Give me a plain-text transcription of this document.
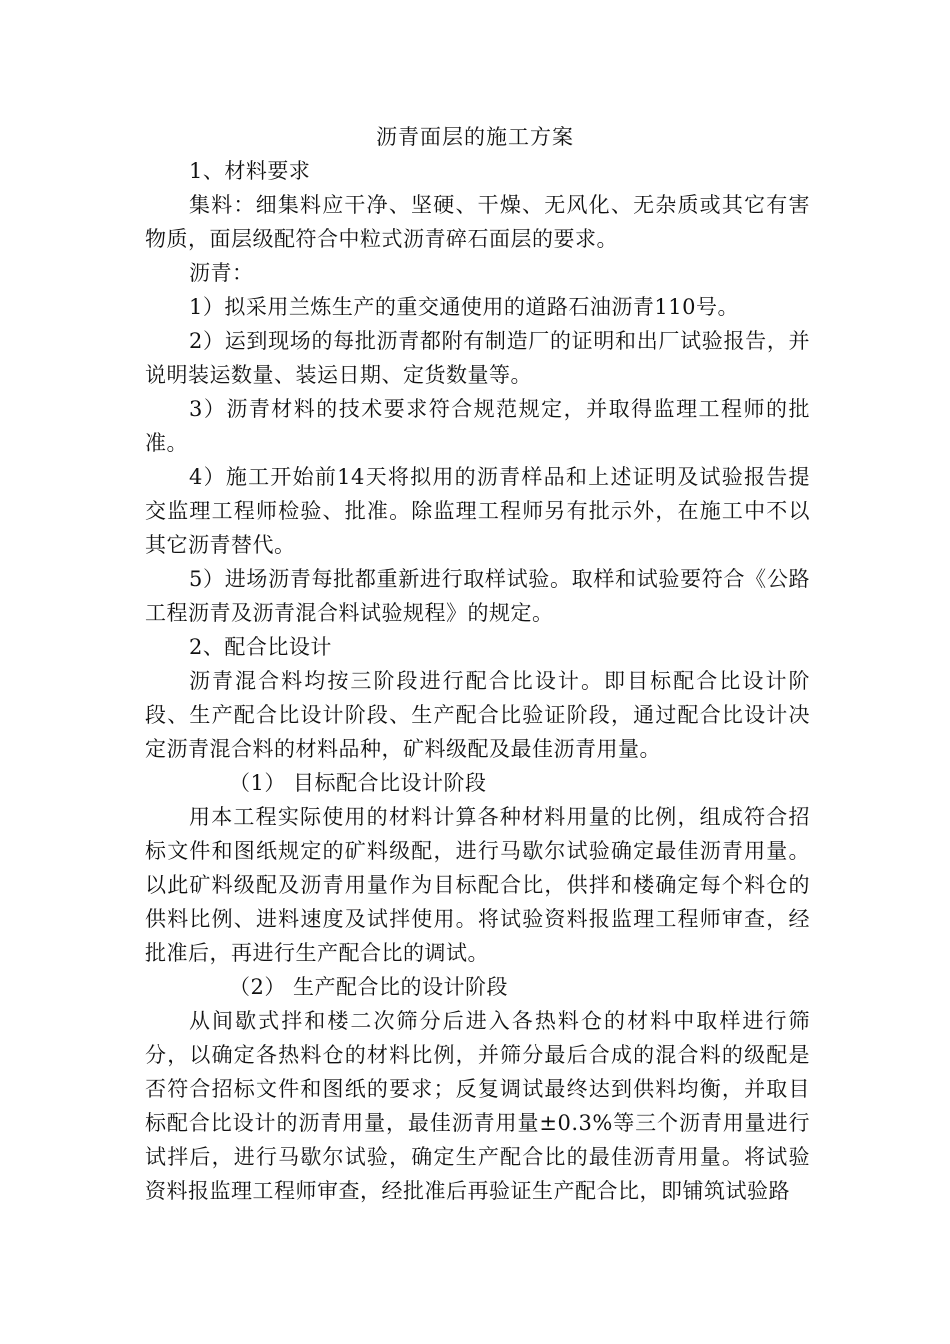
沥青面层的施工方案

1、材料要求

集料：细集料应干净、坚硬、干燥、无风化、无杂质或其它有害物质，面层级配符合中粒式沥青碎石面层的要求。

沥青：

1）拟采用兰炼生产的重交通使用的道路石油沥青110号。

2）运到现场的每批沥青都附有制造厂的证明和出厂试验报告，并说明装运数量、装运日期、定货数量等。

3）沥青材料的技术要求符合规范规定，并取得监理工程师的批准。

4）施工开始前14天将拟用的沥青样品和上述证明及试验报告提交监理工程师检验、批准。除监理工程师另有批示外，在施工中不以其它沥青替代。

5）进场沥青每批都重新进行取样试验。取样和试验要符合《公路工程沥青及沥青混合料试验规程》的规定。

2、配合比设计

沥青混合料均按三阶段进行配合比设计。即目标配合比设计阶段、生产配合比设计阶段、生产配合比验证阶段，通过配合比设计决定沥青混合料的材料品种，矿料级配及最佳沥青用量。

（1） 目标配合比设计阶段

用本工程实际使用的材料计算各种材料用量的比例，组成符合招标文件和图纸规定的矿料级配，进行马歇尔试验确定最佳沥青用量。以此矿料级配及沥青用量作为目标配合比，供拌和楼确定每个料仓的供料比例、进料速度及试拌使用。将试验资料报监理工程师审查，经批准后，再进行生产配合比的调试。

（2） 生产配合比的设计阶段

从间歇式拌和楼二次筛分后进入各热料仓的材料中取样进行筛分，以确定各热料仓的材料比例，并筛分最后合成的混合料的级配是否符合招标文件和图纸的要求；反复调试最终达到供料均衡，并取目标配合比设计的沥青用量，最佳沥青用量±0.3%等三个沥青用量进行试拌后，进行马歇尔试验，确定生产配合比的最佳沥青用量。将试验资料报监理工程师审查，经批准后再验证生产配合比，即铺筑试验路
